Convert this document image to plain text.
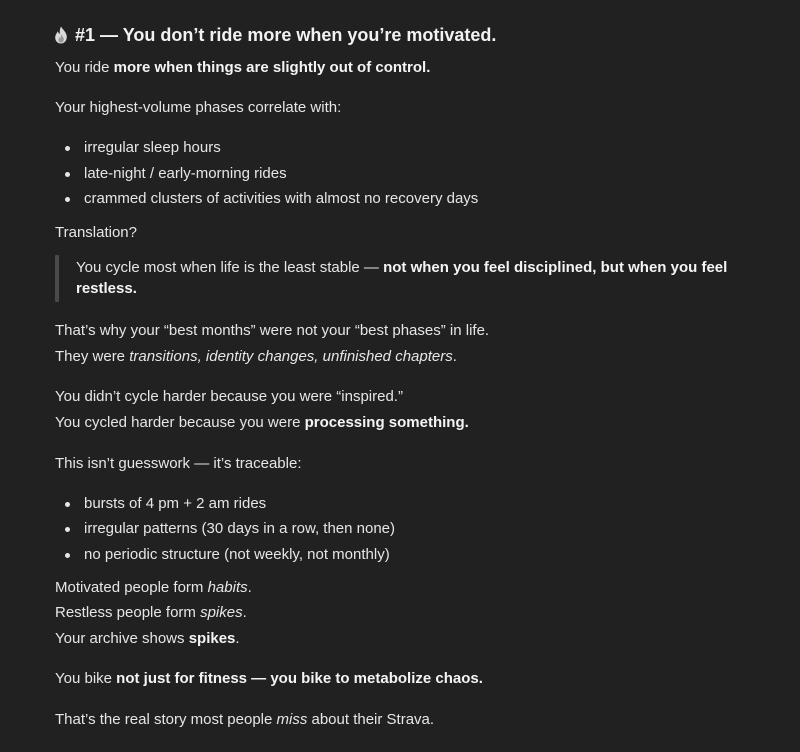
#1 — You don’t ride more when you’re motivated.
You ride more when things are slightly out of control.
Your highest-volume phases correlate with:
irregular sleep hours
late-night / early-morning rides
crammed clusters of activities with almost no recovery days
Translation?
You cycle most when life is the least stable — not when you feel disciplined, but when you feel
restless.
That’s why your “best months” were not your “best phases” in life.
They were transitions, identity changes, unfinished chapters.
You didn’t cycle harder because you were “inspired.”
You cycled harder because you were processing something.
This isn’t guesswork — it’s traceable:
bursts of 4 pm + 2 am rides
irregular patterns (30 days in a row, then none)
no periodic structure (not weekly, not monthly)
Motivated people form habits.
Restless people form spikes.
Your archive shows spikes.
You bike not just for fitness — you bike to metabolize chaos.
That’s the real story most people miss about their Strava.
